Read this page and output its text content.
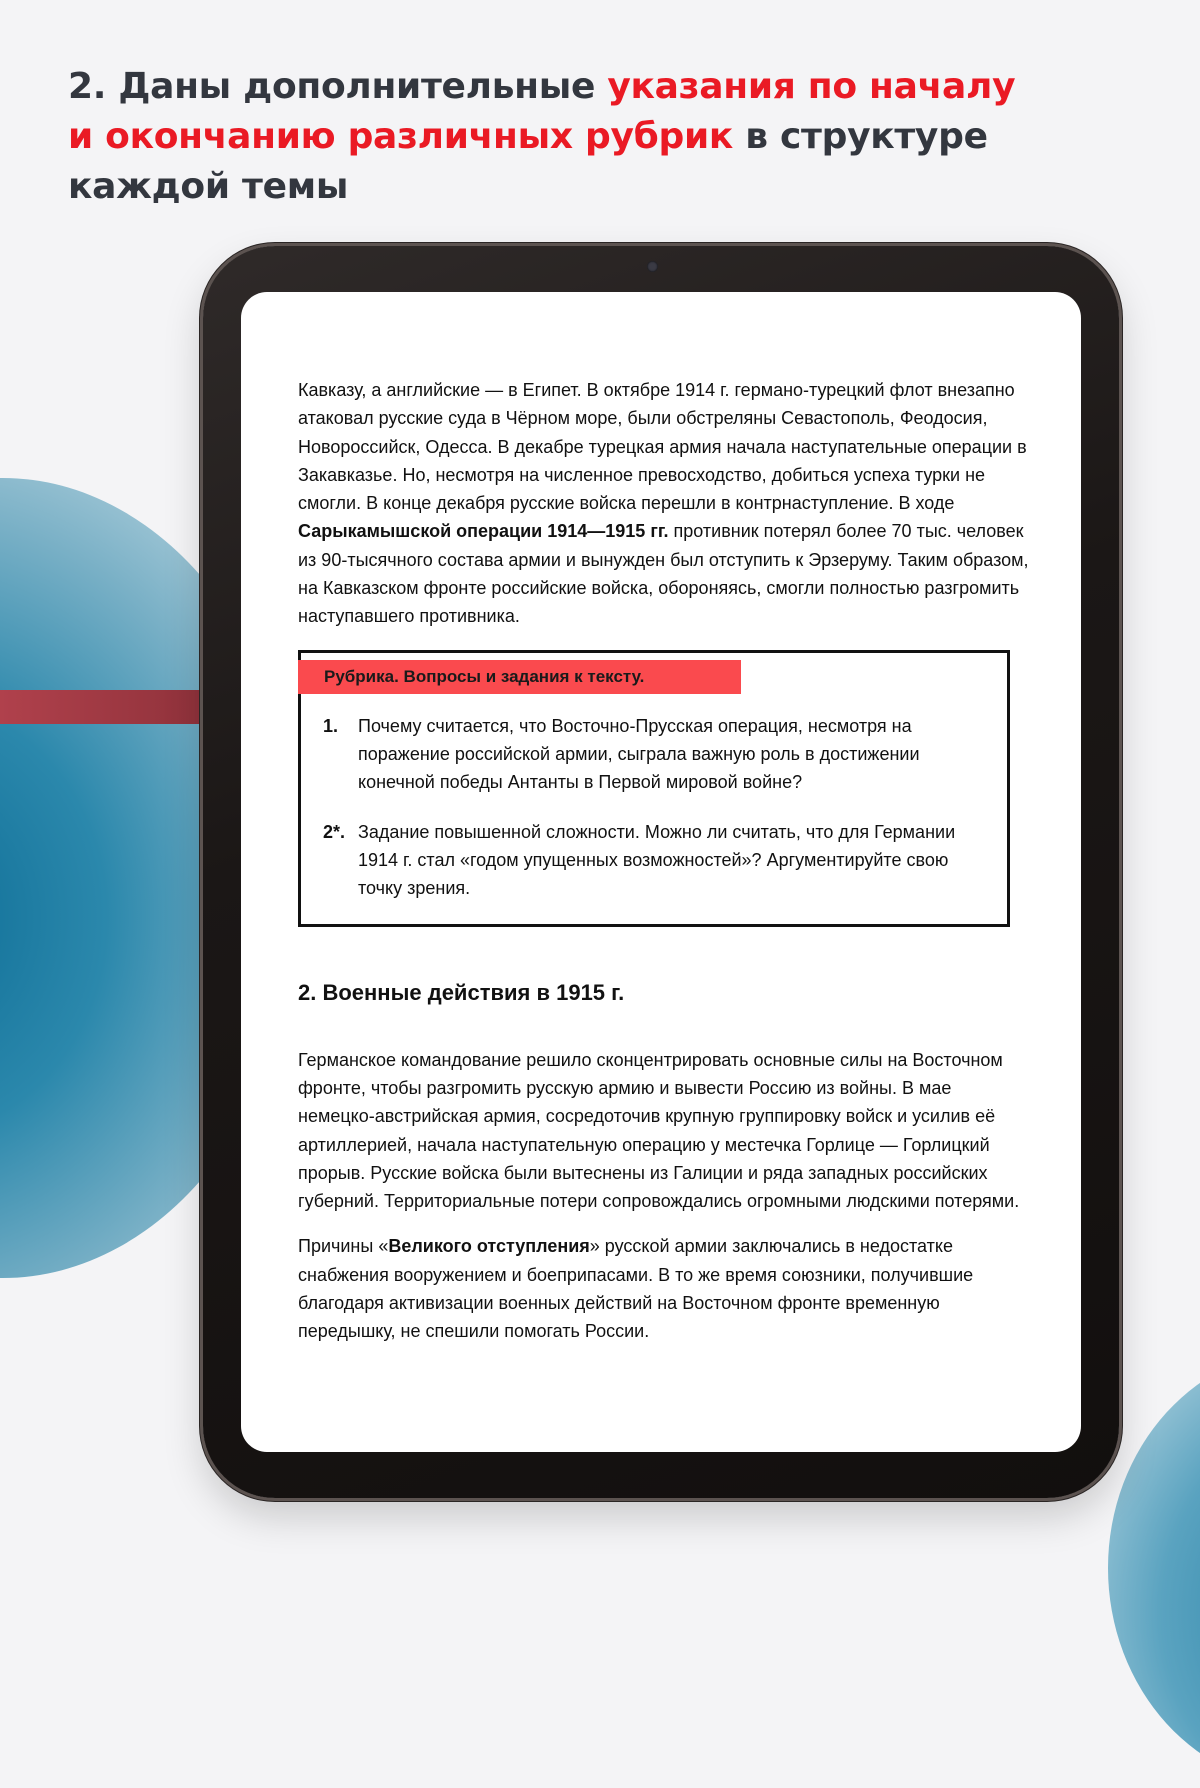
2. Даны дополнительные указания по началу
и окончанию различных рубрик в структуре
каждой темы

Кавказу, а английские — в Египет. В октябре 1914 г. германо-турецкий флот внезапно атаковал русские суда в Чёрном море, были обстреляны Севастополь, Феодосия, Новороссийск, Одесса. В декабре турецкая армия начала наступательные операции в Закавказье. Но, несмотря на численное превосходство, добиться успеха турки не смогли. В конце декабря русские войска перешли в контрнаступление. В ходе Сарыкамышской операции 1914—1915 гг. противник потерял более 70 тыс. человек из 90-тысячного состава армии и вынужден был отступить к Эрзеруму. Таким образом, на Кавказском фронте российские войска, обороняясь, смогли полностью разгромить наступавшего противника.

Рубрика. Вопросы и задания к тексту.
1.	Почему считается, что Восточно-Прусская операция, несмотря на поражение российской армии, сыграла важную роль в достижении конечной победы Антанты в Первой мировой войне?
2*. Задание повышенной сложности. Можно ли считать, что для Германии 1914 г. стал «годом упущенных возможностей»? Аргументируйте свою точку зрения.
2. Военные действия в 1915 г.

Германское командование решило сконцентрировать основные силы на Восточном фронте, чтобы разгромить русскую армию и вывести Россию из войны. В мае немецко-австрийская армия, сосредоточив крупную группировку войск и усилив её артиллерией, начала наступательную операцию у местечка Горлице — Горлицкий прорыв. Русские войска были вытеснены из Галиции и ряда западных российских губерний. Территориальные потери сопровождались огромными людскими потерями.

Причины «Великого отступления» русской армии заключались в недостатке снабжения вооружением и боеприпасами. В то же время союзники, получившие благодаря активизации военных действий на Восточном фронте временную передышку, не спешили помогать России.
